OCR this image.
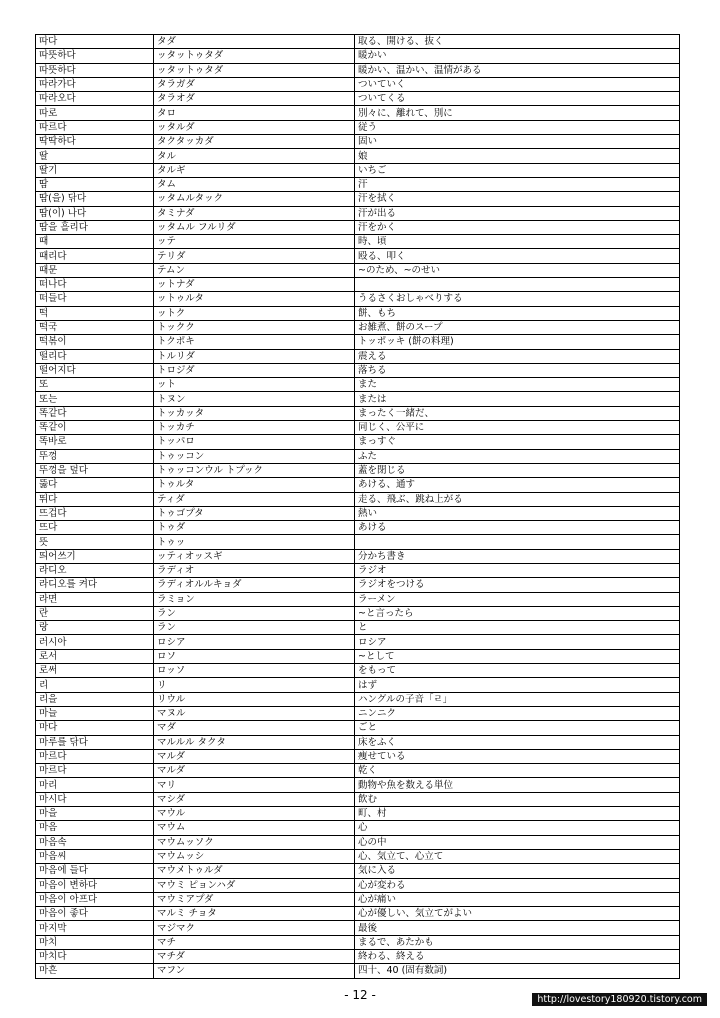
따다	タダ	取る、開ける、抜く
따뜻하다	ッタットゥタダ	暖かい
따뜻하다	ッタットゥタダ	暖かい、温かい、温情がある
따라가다	タラガダ	ついていく
따라오다	タラオダ	ついてくる
따로	タロ	別々に、離れて、別に
따르다	ッタルダ	従う
딱딱하다	タクタッカダ	固い
딸	タル	娘
딸기	タルギ	いちご
땀	タム	汗
땀(을) 닦다	ッタムルタック	汗を拭く
땀(이) 나다	タミナダ	汗が出る
땀을 흘리다	ッタムル フルリダ	汗をかく
때	ッテ	時、頃
때리다	テリダ	殴る、叩く
때문	テムン	~のため、~のせい
떠나다	ットナダ	
떠들다	ットゥルタ	うるさくおしゃべりする
떡	ットク	餅、もち
떡국	トックク	お雑煮、餅のスープ
떡볶이	トクポキ	トッポッキ (餅の料理)
떨리다	トルリダ	震える
떨어지다	トロジダ	落ちる
또	ット	また
또는	トヌン	または
똑같다	トッカッタ	まったく一緒だ、
똑같이	トッカチ	同じく、公平に
똑바로	トッパロ	まっすぐ
뚜껑	トゥッコン	ふた
뚜껑을 덮다	トゥッコンウル トプック	蓋を閉じる
뚫다	トゥルタ	あける、通す
뛰다	ティダ	走る、飛ぶ、跳ね上がる
뜨겁다	トゥゴプタ	熱い
뜨다	トゥダ	あける
뜻	トゥッ	
띄어쓰기	ッティオッスギ	分かち書き
라디오	ラディオ	ラジオ
라디오를 켜다	ラディオルルキョダ	ラジオをつける
라면	ラミョン	ラーメン
란	ラン	~と言ったら
랑	ラン	と
러시아	ロシア	ロシア
로서	ロソ	~として
로써	ロッソ	をもって
리	リ	はず
리을	リウル	ハングルの子音「ㄹ」
마늘	マヌル	ニンニク
마다	マダ	ごと
마루를 닦다	マルルル タクタ	床をふく
마르다	マルダ	痩せている
마르다	マルダ	乾く
마리	マリ	動物や魚を数える単位
마시다	マシダ	飲む
마을	マウル	町、村
마음	マウム	心
마음속	マウムッソク	心の中
마음씨	マウムッシ	心、気立て、心立て
마음에 들다	マウメトゥルダ	気に入る
마음이 변하다	マウミ ピョンハダ	心が変わる
마음이 아프다	マウミアプダ	心が痛い
마음이 좋다	マルミ チョタ	心が優しい、気立てがよい
마지막	マジマク	最後
마치	マチ	まるで、あたかも
마치다	マチダ	終わる、終える
마흔	マフン	四十、40 (固有数詞)
- 12 -	http://lovestory180920.tistory.com
